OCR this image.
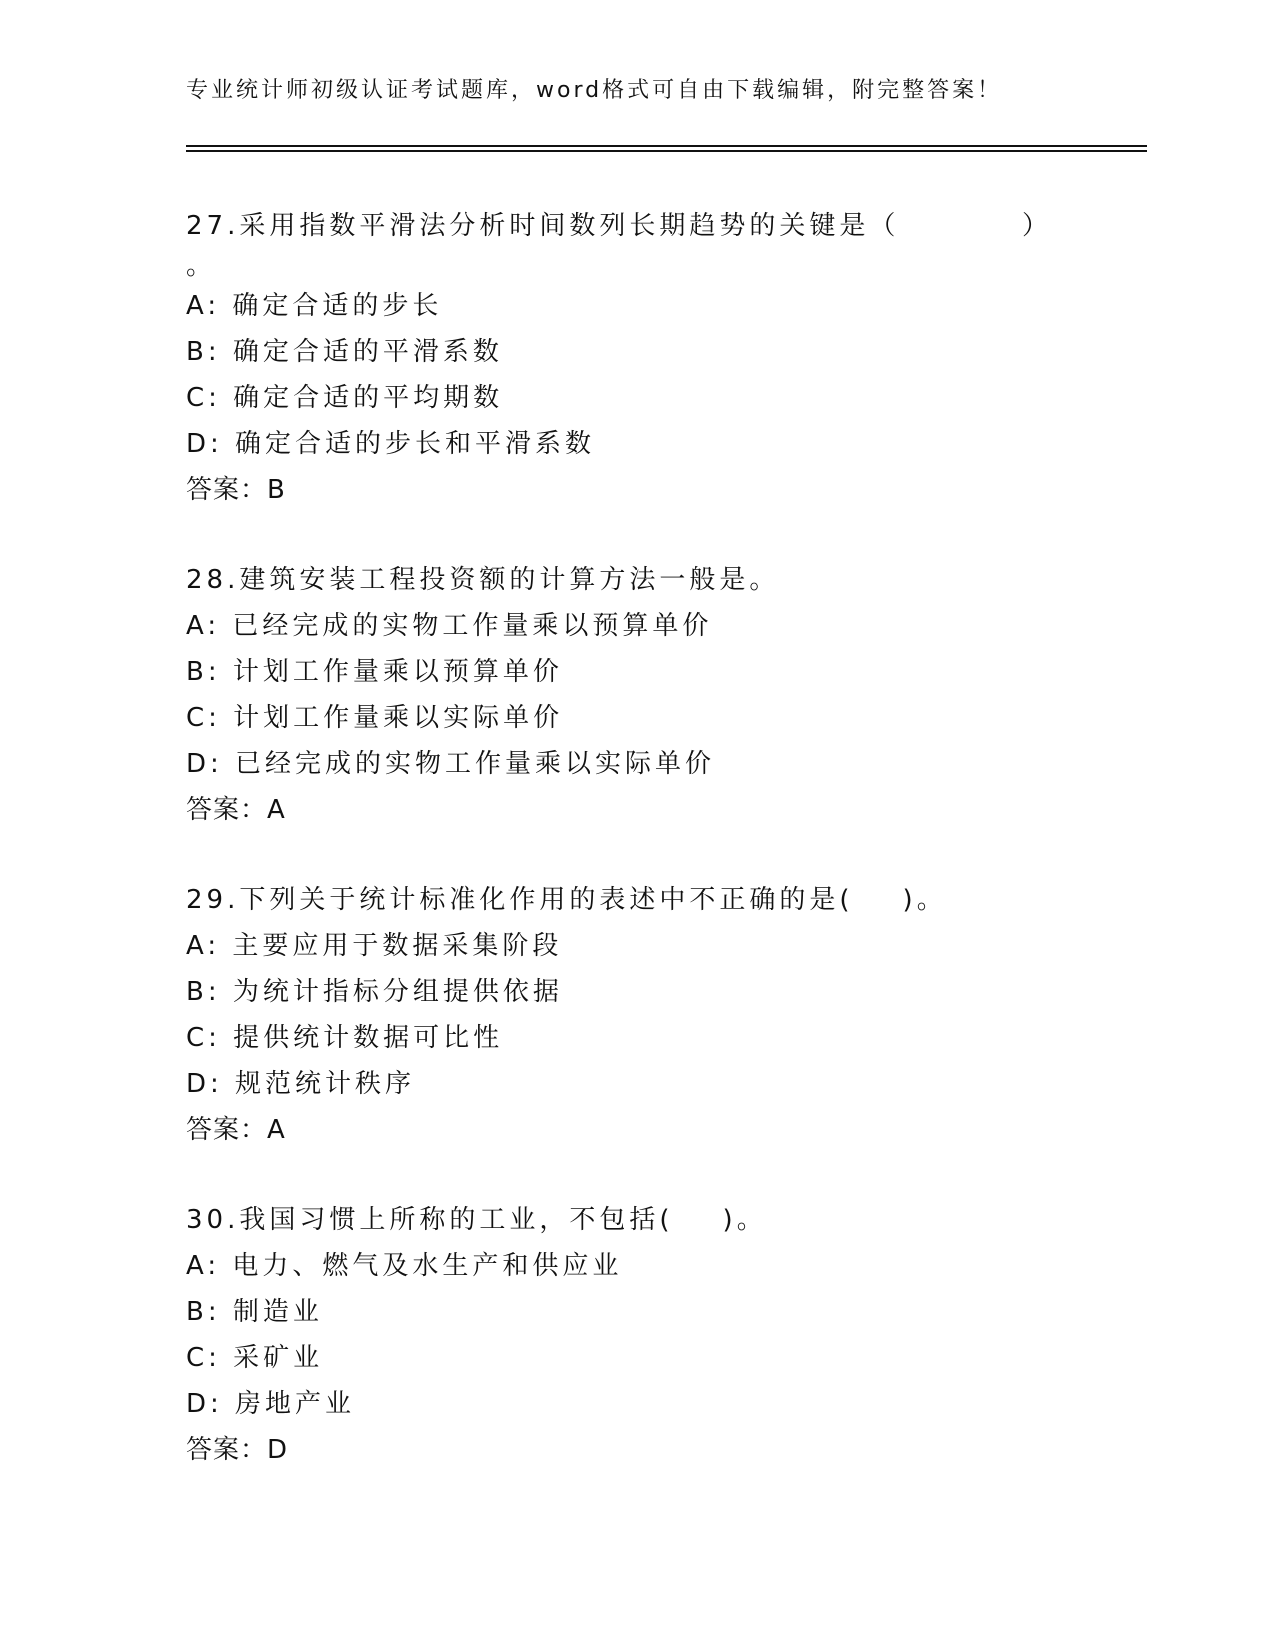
专业统计师初级认证考试题库，word格式可自由下载编辑，附完整答案！
27.采用指数平滑法分析时间数列长期趋势的关键是（          ）
。
A: 确定合适的步长
B: 确定合适的平滑系数
C: 确定合适的平均期数
D: 确定合适的步长和平滑系数
答案：B
28.建筑安装工程投资额的计算方法一般是。
A: 已经完成的实物工作量乘以预算单价
B: 计划工作量乘以预算单价
C: 计划工作量乘以实际单价
D: 已经完成的实物工作量乘以实际单价
答案：A
29.下列关于统计标准化作用的表述中不正确的是(    )。
A: 主要应用于数据采集阶段
B: 为统计指标分组提供依据
C: 提供统计数据可比性
D: 规范统计秩序
答案：A
30.我国习惯上所称的工业，不包括(    )。
A: 电力、燃气及水生产和供应业
B: 制造业
C: 采矿业
D: 房地产业
答案：D
